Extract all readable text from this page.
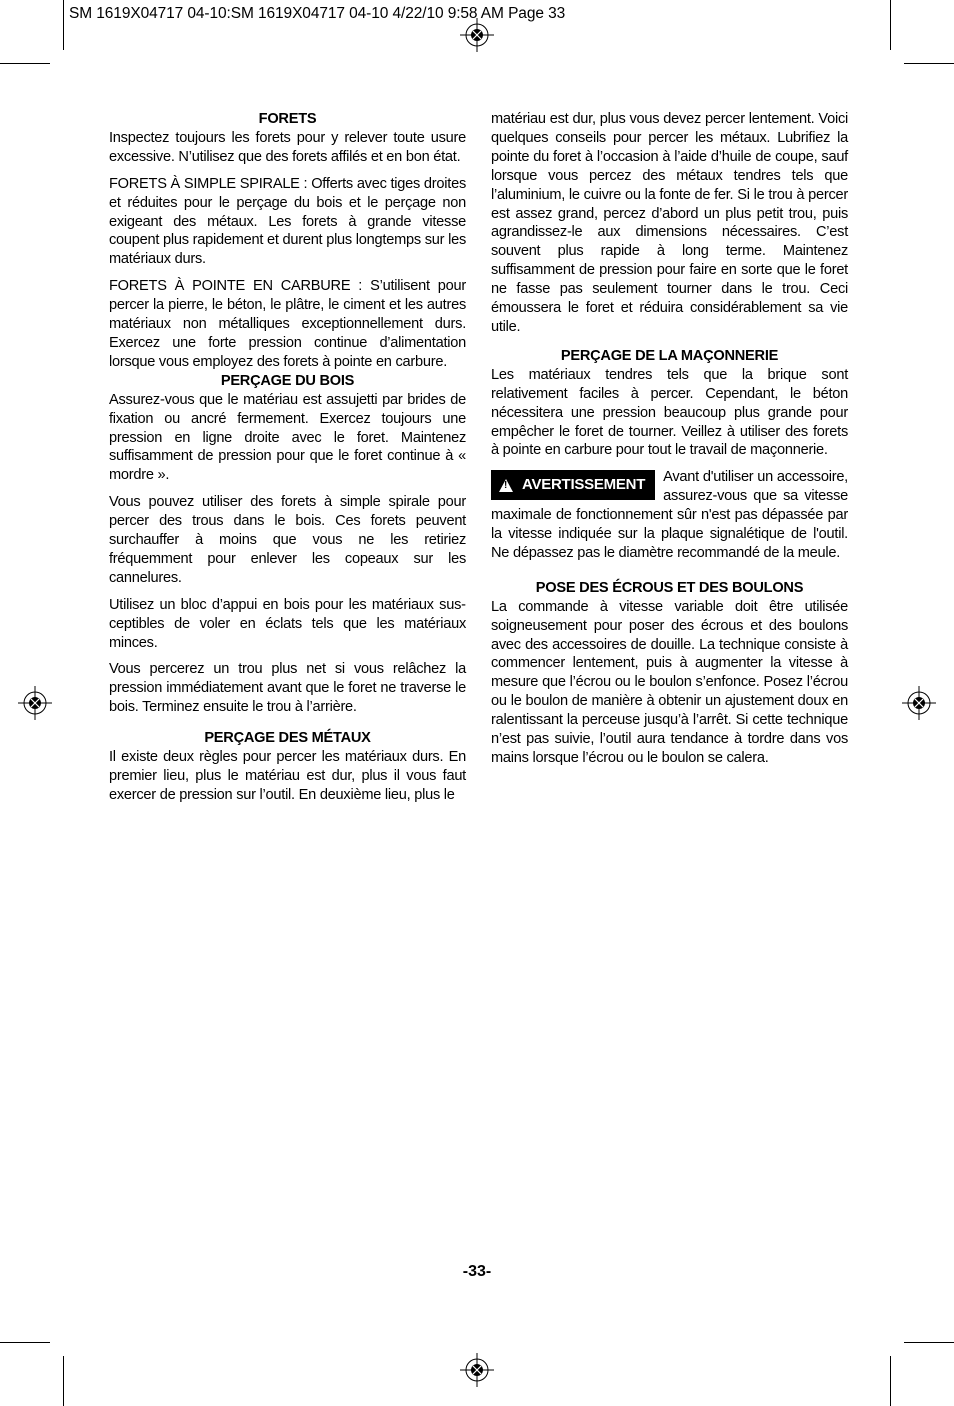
SM 1619X04717 04-10:SM 1619X04717 04-10 4/22/10 9:58 AM Page 33
FORETS

Inspectez toujours les forets pour y relever toute usure excessive. N’utilisez que des forets affilés et en bon état.

FORETS À SIMPLE SPIRALE : Offerts avec tiges droites et réduites pour le perçage du bois et le perçage non exigeant des métaux. Les forets à grande vitesse coupent plus rapidement et durent plus longtemps sur les matériaux durs.

FORETS À POINTE EN CARBURE : S’utilisent pour percer la pierre, le béton, le plâtre, le ciment et les autres matériaux non métalliques exceptionnellement durs. Exercez une forte pression continue d’alimentation lorsque vous employez des forets à pointe en carbure.

PERÇAGE DU BOIS

Assurez-vous que le matériau est assujetti par brides de fixation ou ancré fermement. Exercez toujours une pression en ligne droite avec le foret. Maintenez suffisamment de pression pour que le foret continue à « mordre ».

Vous pouvez utiliser des forets à simple spirale pour percer des trous dans le bois. Ces forets peuvent surchauffer à moins que vous ne les retiriez fréquemment pour enlever les copeaux sur les cannelures.

Utilisez un bloc d’appui en bois pour les matériaux susceptibles de voler en éclats tels que les matériaux minces.

Vous percerez un trou plus net si vous relâchez la pression immédiatement avant que le foret ne traverse le bois. Terminez ensuite le trou à l’arrière.

PERÇAGE DES MÉTAUX

Il existe deux règles pour percer les matériaux durs. En premier lieu, plus le matériau est dur, plus il vous faut exercer de pression sur l’outil. En deuxième lieu, plus le

matériau est dur, plus vous devez percer lentement. Voici quelques conseils pour percer les métaux. Lubrifiez la pointe du foret à l’occasion à l’aide d’huile de coupe, sauf lorsque vous percez des métaux tendres tels que l’aluminium, le cuivre ou la fonte de fer. Si le trou à percer est assez grand, percez d’abord un plus petit trou, puis agrandissez-le aux dimensions nécessaires. C’est souvent plus rapide à long terme. Maintenez suffisamment de pression pour faire en sorte que le foret ne fasse pas seulement tourner dans le trou. Ceci émoussera le foret et réduira considérablement sa vie utile.

PERÇAGE DE LA MAÇONNERIE

Les matériaux tendres tels que la brique sont relativement faciles à percer. Cependant, le béton nécessitera une pression beaucoup plus grande pour empêcher le foret de tourner. Veillez à utiliser des forets à pointe en carbure pour tout le travail de maçonnerie.

!
AVERTISSEMENT Avant d'utiliser un accessoire, assurez-vous que sa vitesse maximale de fonctionnement sûr n'est pas dépassée par la vitesse indiquée sur la plaque signalétique de l'outil. Ne dépassez pas le diamètre recommandé de la meule.
POSE DES ÉCROUS ET DES BOULONS

La commande à vitesse variable doit être utilisée soigneusement pour poser des écrous et des boulons avec des accessoires de douille. La technique consiste à commencer lentement, puis à augmenter la vitesse à mesure que l’écrou ou le boulon s’enfonce. Posez l’écrou ou le boulon de manière à obtenir un ajustement doux en ralentissant la perceuse jusqu’à l’arrêt. Si cette technique n’est pas suivie, l’outil aura tendance à tordre dans vos mains lorsque l’écrou ou le boulon se calera.

-33-
